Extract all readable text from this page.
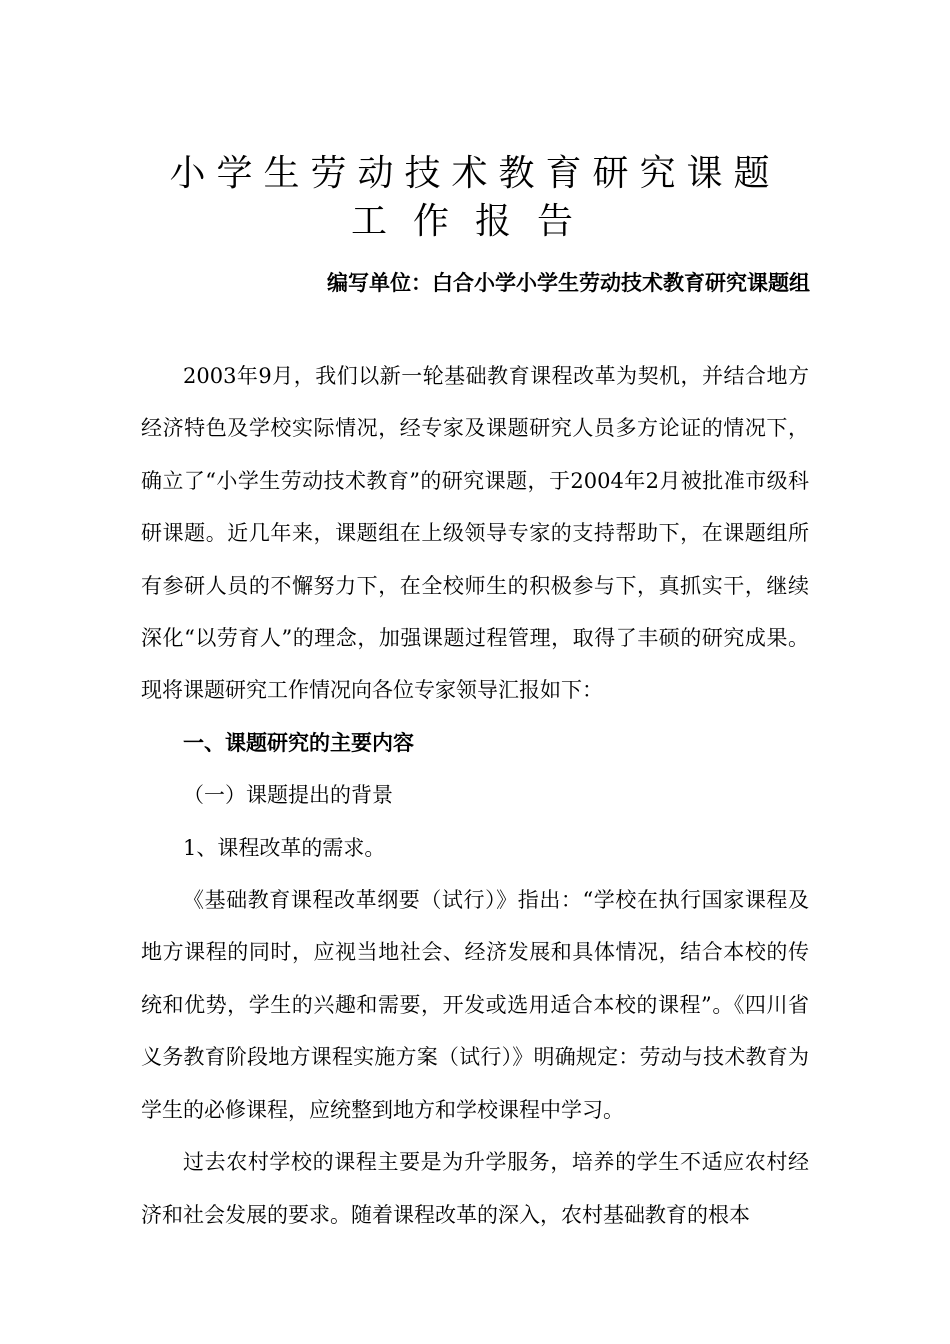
小学生劳动技术教育研究课题
工作报告
编写单位：白合小学小学生劳动技术教育研究课题组

2003年9月，我们以新一轮基础教育课程改革为契机，并结合地方经济特色及学校实际情况，经专家及课题研究人员多方论证的情况下，确立了“小学生劳动技术教育”的研究课题，于2004年2月被批准市级科研课题。近几年来，课题组在上级领导专家的支持帮助下，在课题组所有参研人员的不懈努力下，在全校师生的积极参与下，真抓实干，继续深化“以劳育人”的理念，加强课题过程管理，取得了丰硕的研究成果。现将课题研究工作情况向各位专家领导汇报如下：

一、课题研究的主要内容

（一）课题提出的背景

1、课程改革的需求。

《基础教育课程改革纲要（试行）》指出：“学校在执行国家课程及地方课程的同时，应视当地社会、经济发展和具体情况，结合本校的传统和优势，学生的兴趣和需要，开发或选用适合本校的课程”。《四川省义务教育阶段地方课程实施方案（试行）》明确规定：劳动与技术教育为学生的必修课程，应统整到地方和学校课程中学习。

过去农村学校的课程主要是为升学服务，培养的学生不适应农村经济和社会发展的要求。随着课程改革的深入，农村基础教育的根本
